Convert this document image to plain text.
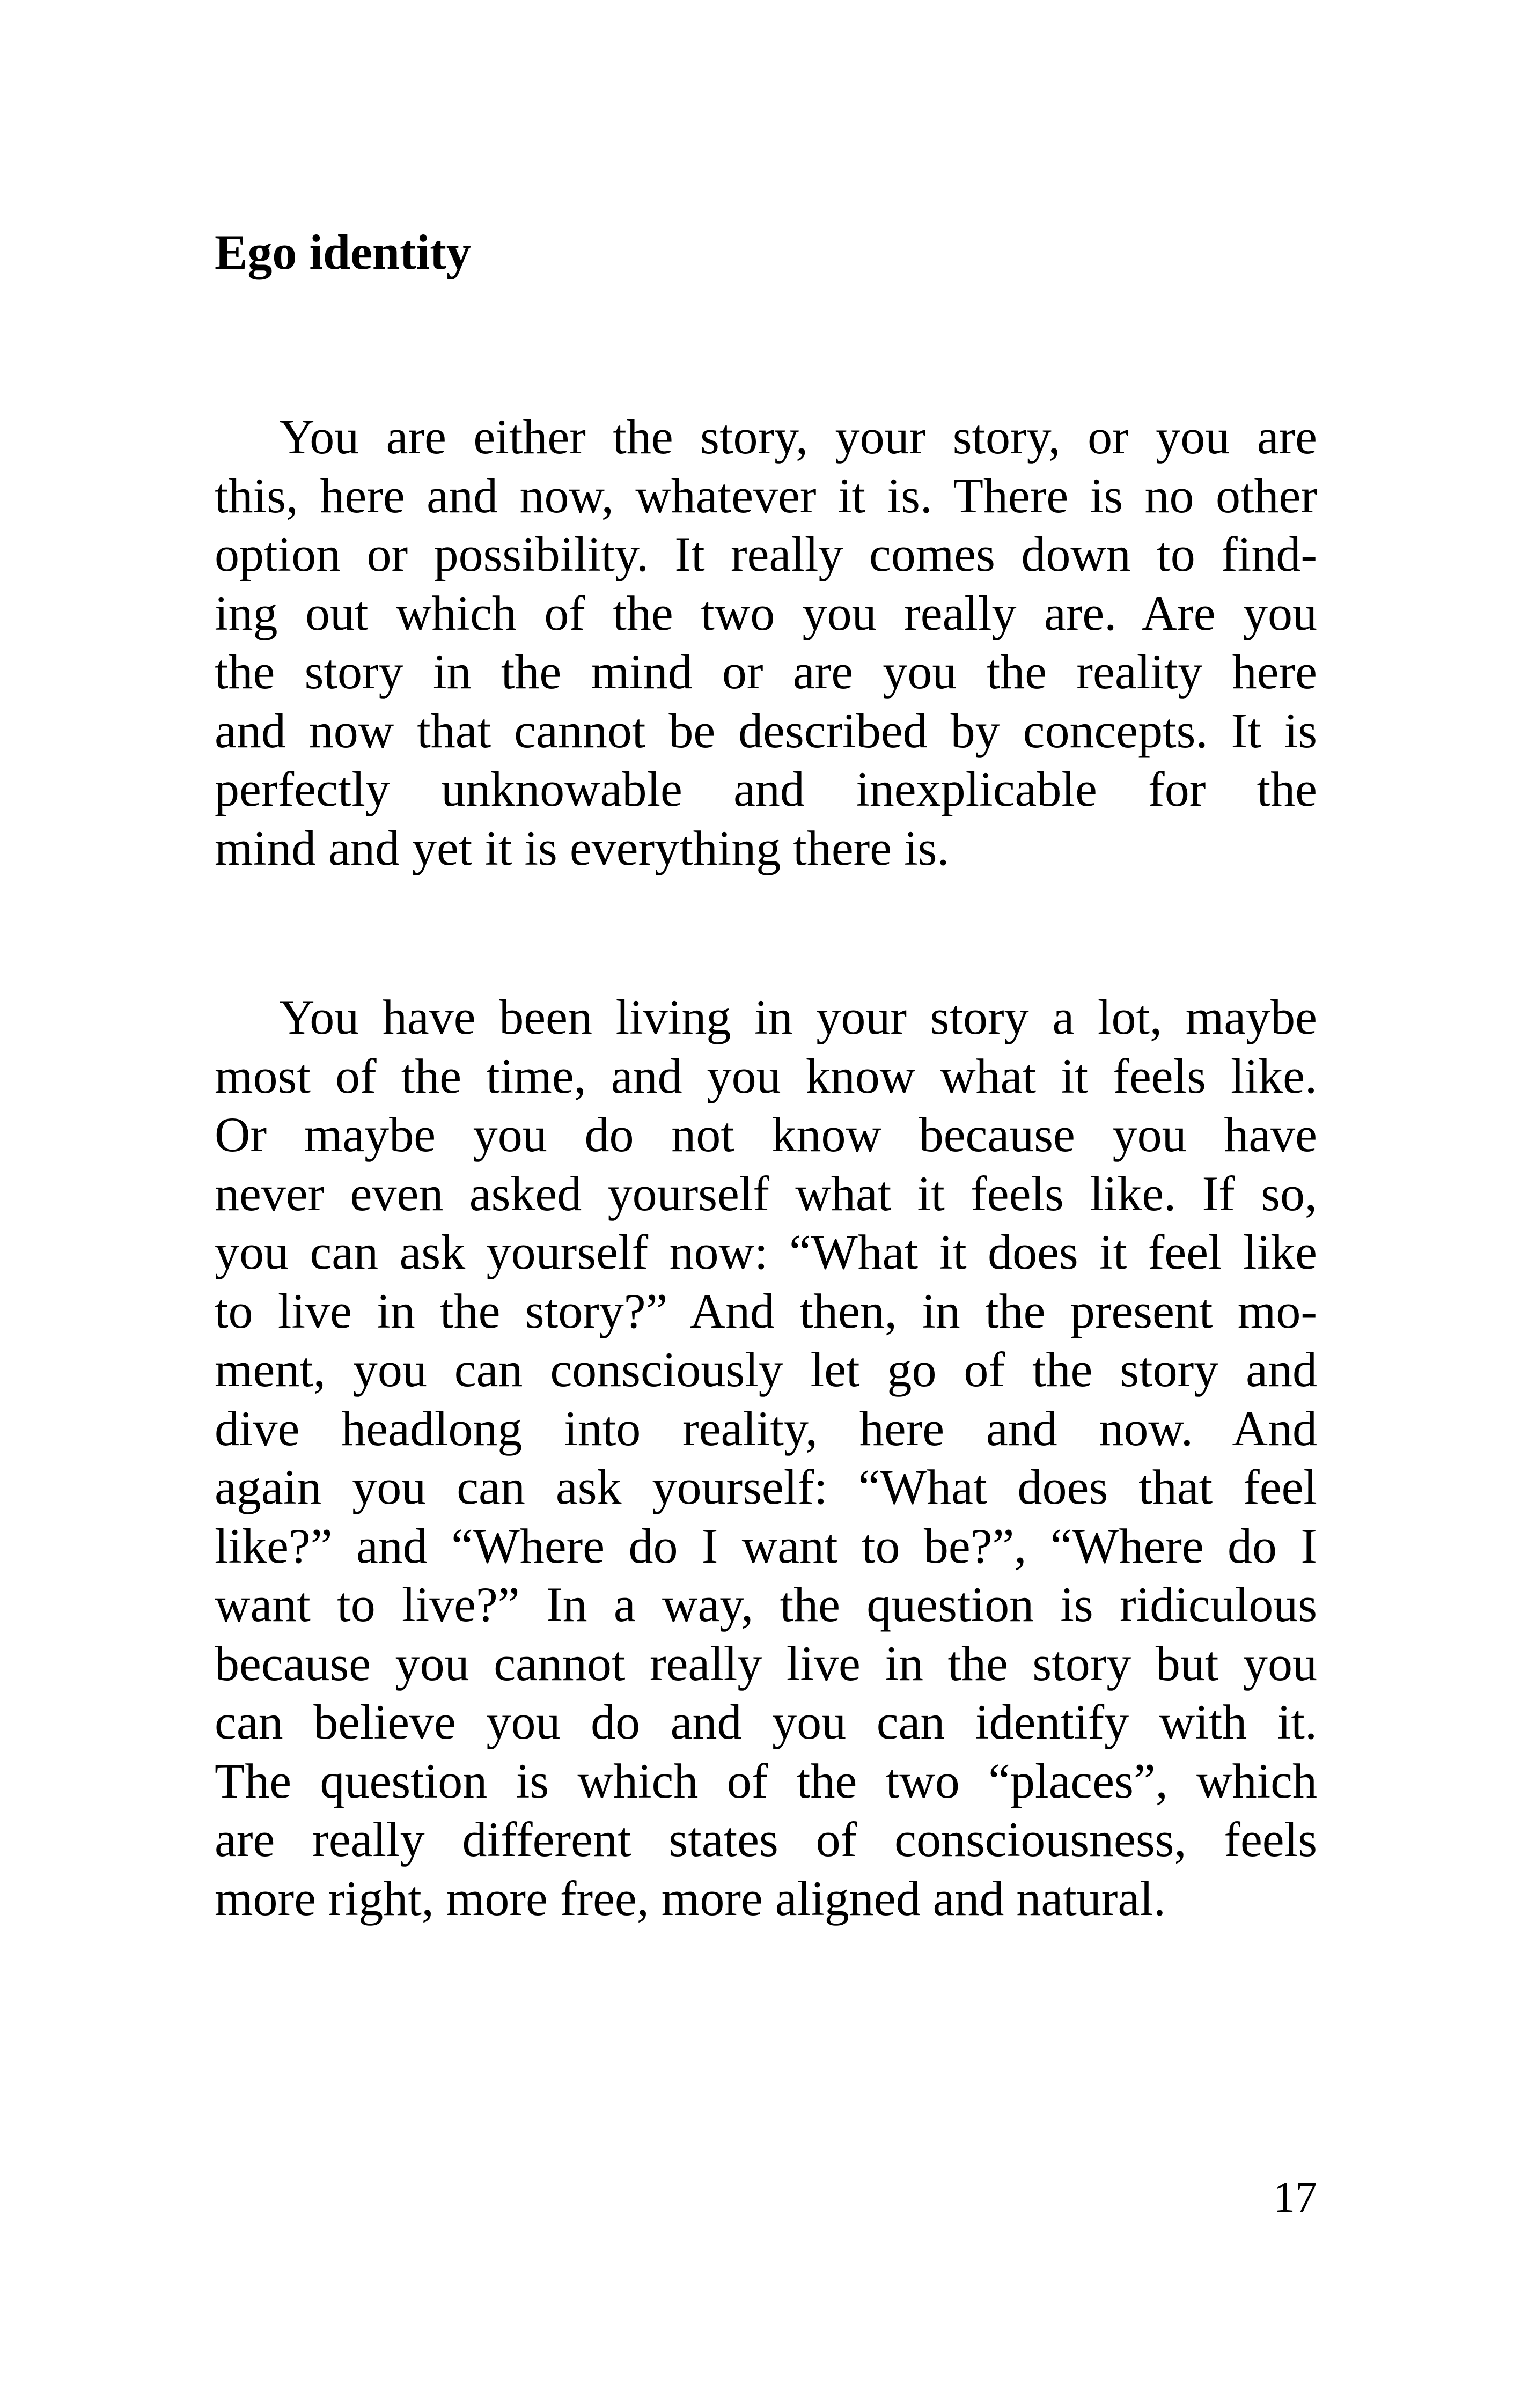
Ego identity
You are either the story, your story, or you are
this, here and now, whatever it is. There is no other
option or possibility. It really comes down to find-
ing out which of the two you really are. Are you
the story in the mind or are you the reality here
and now that cannot be described by concepts. It is
perfectly unknowable and inexplicable for the
mind and yet it is everything there is.
You have been living in your story a lot, maybe
most of the time, and you know what it feels like.
Or maybe you do not know because you have
never even asked yourself what it feels like. If so,
you can ask yourself now: “What it does it feel like
to live in the story?” And then, in the present mo-
ment, you can consciously let go of the story and
dive headlong into reality, here and now. And
again you can ask yourself: “What does that feel
like?” and “Where do I want to be?”, “Where do I
want to live?” In a way, the question is ridiculous
because you cannot really live in the story but you
can believe you do and you can identify with it.
The question is which of the two “places”, which
are really different states of consciousness, feels
more right, more free, more aligned and natural.
17
